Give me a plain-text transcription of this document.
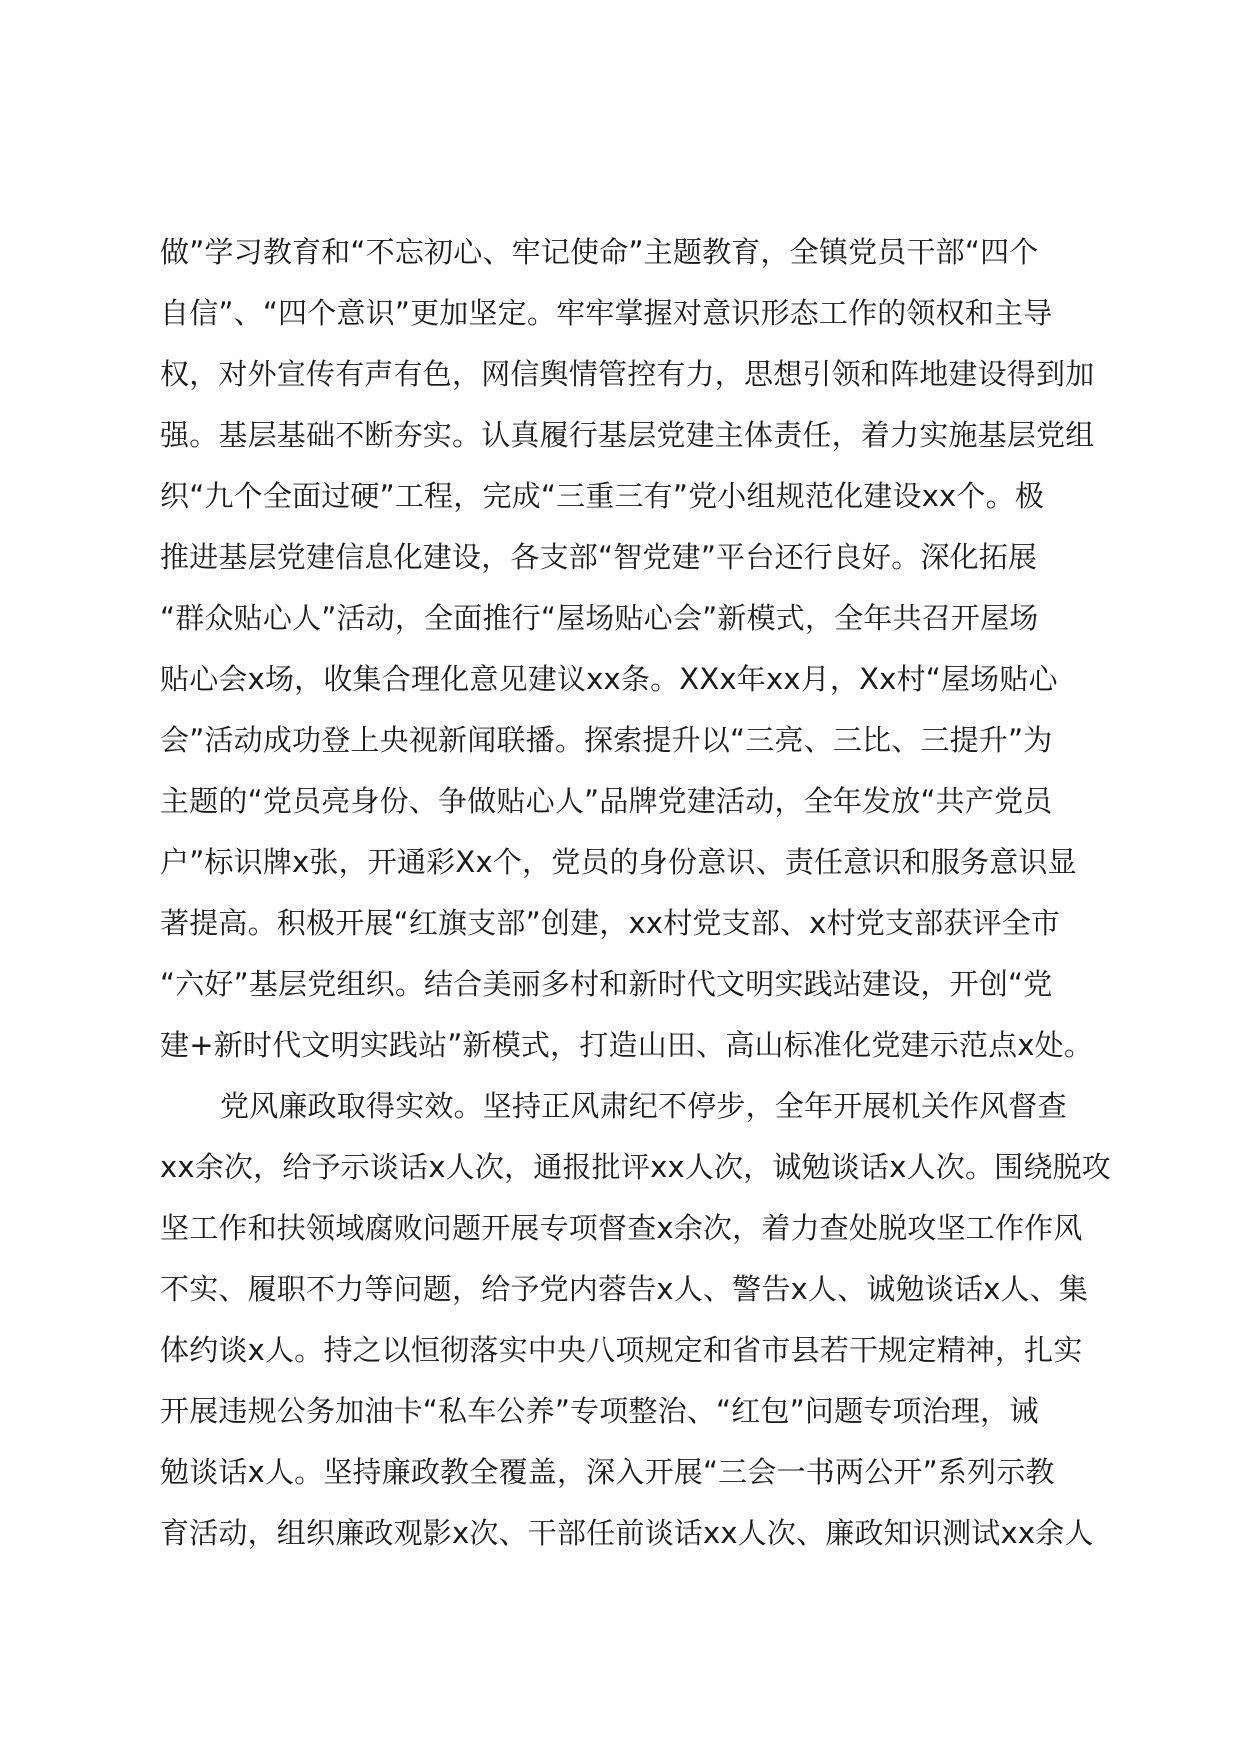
做”学习教育和“不忘初心、牢记使命”主题教育，全镇党员干部“四个
自信”、“四个意识”更加坚定。牢牢掌握对意识形态工作的领权和主导
权，对外宣传有声有色，网信舆情管控有力，思想引领和阵地建设得到加
强。基层基础不断夯实。认真履行基层党建主体责任，着力实施基层党组
织“九个全面过硬”工程，完成“三重三有”党小组规范化建设xx个。极
推进基层党建信息化建设，各支部“智党建”平台还行良好。深化拓展
“群众贴心人”活动，全面推行“屋场贴心会”新模式，全年共召开屋场
贴心会x场，收集合理化意见建议xx条。XXx年xx月，Xx村“屋场贴心
会”活动成功登上央视新闻联播。探索提升以“三亮、三比、三提升”为
主题的“党员亮身份、争做贴心人”品牌党建活动，全年发放“共产党员
户”标识牌x张，开通彩Xx个，党员的身份意识、责任意识和服务意识显
著提高。积极开展“红旗支部”创建，xx村党支部、x村党支部获评全市
“六好”基层党组织。结合美丽多村和新时代文明实践站建设，开创“党
建+新时代文明实践站”新模式，打造山田、高山标准化党建示范点x处。
党风廉政取得实效。坚持正风肃纪不停步，全年开展机关作风督查
xx余次，给予示谈话x人次，通报批评xx人次，诚勉谈话x人次。围绕脱攻
坚工作和扶领域腐败问题开展专项督查x余次，着力查处脱攻坚工作作风
不实、履职不力等问题，给予党内蓉告x人、警告x人、诚勉谈话x人、集
体约谈x人。持之以恒彻落实中央八项规定和省市县若干规定精神，扎实
开展违规公务加油卡“私车公养”专项整治、“红包”问题专项治理，诫
勉谈话x人。坚持廉政教全覆盖，深入开展“三会一书两公开”系列示教
育活动，组织廉政观影x次、干部任前谈话xx人次、廉政知识测试xx余人
